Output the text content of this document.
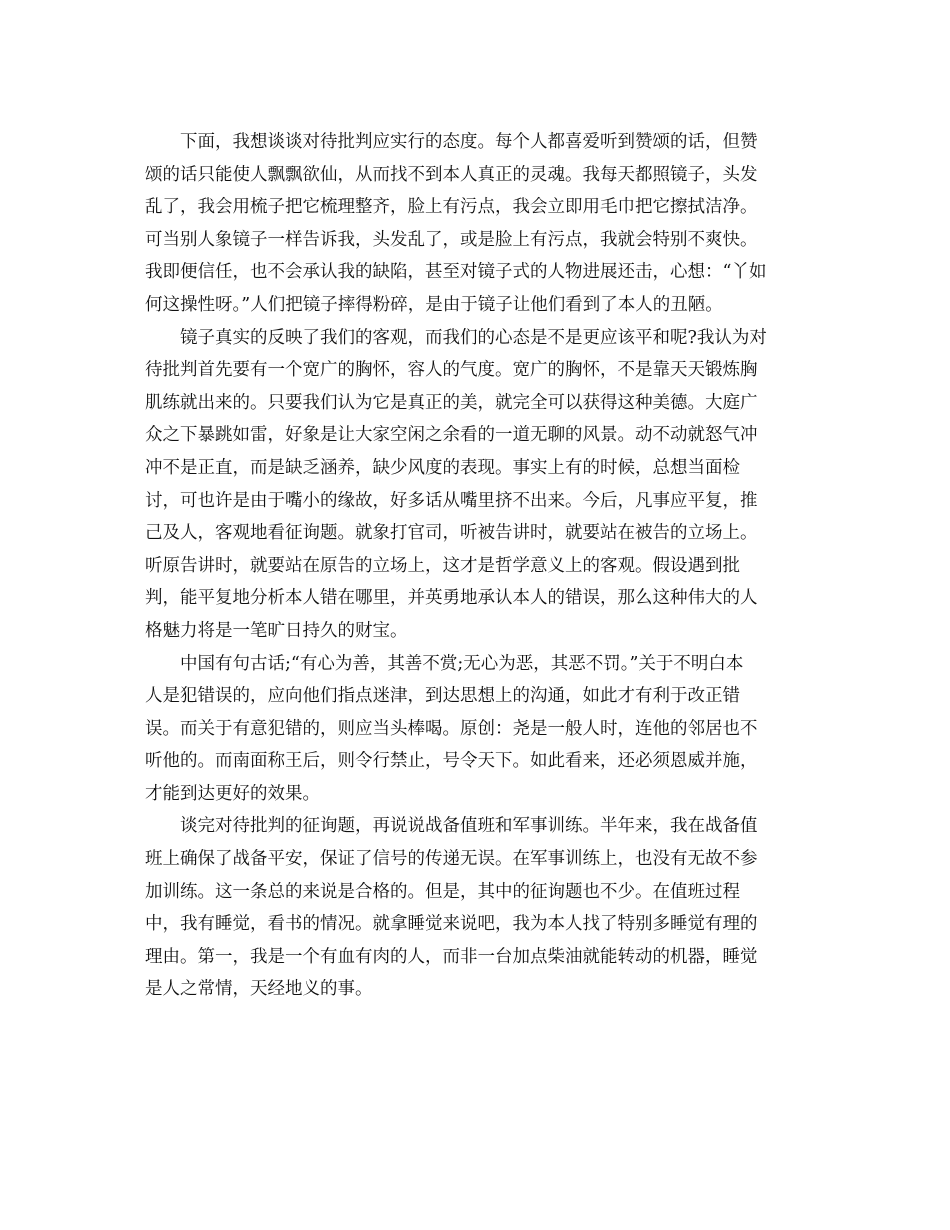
下面，我想谈谈对待批判应实行的态度。每个人都喜爱听到赞颂的话，但赞
颂的话只能使人飘飘欲仙，从而找不到本人真正的灵魂。我每天都照镜子，头发
乱了，我会用梳子把它梳理整齐，脸上有污点，我会立即用毛巾把它擦拭洁净。
可当别人象镜子一样告诉我，头发乱了，或是脸上有污点，我就会特别不爽快。
我即便信任，也不会承认我的缺陷，甚至对镜子式的人物进展还击，心想：“丫如
何这操性呀。”人们把镜子摔得粉碎，是由于镜子让他们看到了本人的丑陋。
镜子真实的反映了我们的客观，而我们的心态是不是更应该平和呢?我认为对
待批判首先要有一个宽广的胸怀，容人的气度。宽广的胸怀，不是靠天天锻炼胸
肌练就出来的。只要我们认为它是真正的美，就完全可以获得这种美德。大庭广
众之下暴跳如雷，好象是让大家空闲之余看的一道无聊的风景。动不动就怒气冲
冲不是正直，而是缺乏涵养，缺少风度的表现。事实上有的时候，总想当面检
讨，可也许是由于嘴小的缘故，好多话从嘴里挤不出来。今后，凡事应平复，推
己及人，客观地看征询题。就象打官司，听被告讲时，就要站在被告的立场上。
听原告讲时，就要站在原告的立场上，这才是哲学意义上的客观。假设遇到批
判，能平复地分析本人错在哪里，并英勇地承认本人的错误，那么这种伟大的人
格魅力将是一笔旷日持久的财宝。
中国有句古话;“有心为善，其善不赏;无心为恶，其恶不罚。”关于不明白本
人是犯错误的，应向他们指点迷津，到达思想上的沟通，如此才有利于改正错
误。而关于有意犯错的，则应当头棒喝。原创：尧是一般人时，连他的邻居也不
听他的。而南面称王后，则令行禁止，号令天下。如此看来，还必须恩威并施，
才能到达更好的效果。
谈完对待批判的征询题，再说说战备值班和军事训练。半年来，我在战备值
班上确保了战备平安，保证了信号的传递无误。在军事训练上，也没有无故不参
加训练。这一条总的来说是合格的。但是，其中的征询题也不少。在值班过程
中，我有睡觉，看书的情况。就拿睡觉来说吧，我为本人找了特别多睡觉有理的
理由。第一，我是一个有血有肉的人，而非一台加点柴油就能转动的机器，睡觉
是人之常情，天经地义的事。
